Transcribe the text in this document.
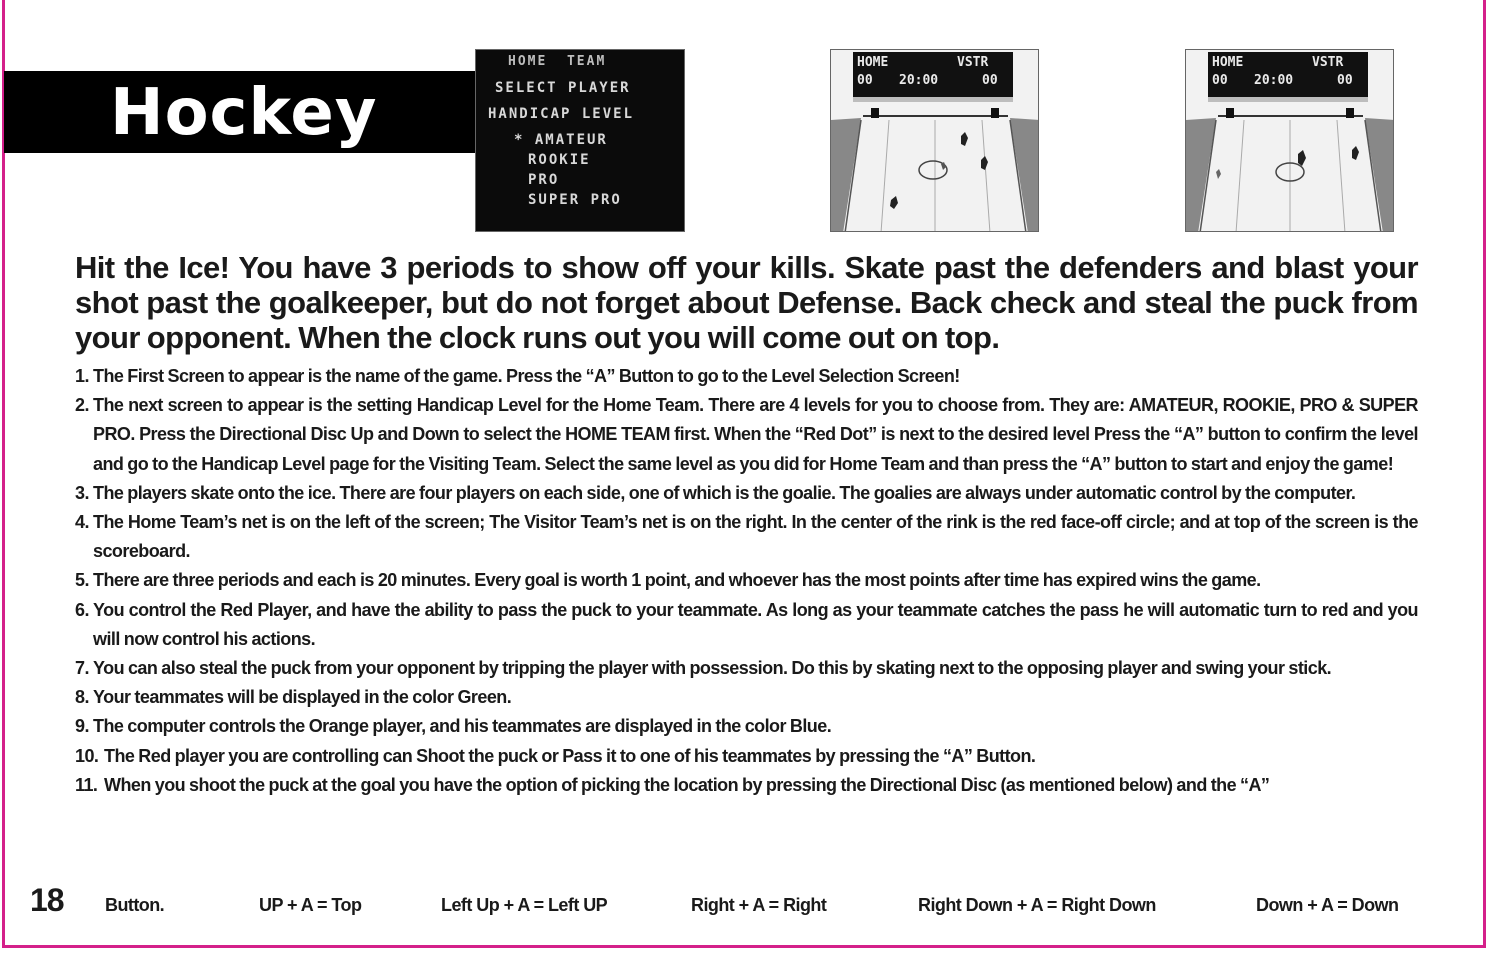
Hockey
HOME  TEAM
SELECT PLAYER
HANDICAP LEVEL
* AMATEUR
ROOKIE
PRO
SUPER PRO
HOME	VSTR
00 20:00	00
HOME	VSTR
00 20:00	00
Hit the Ice! You have 3 periods to show off your kills. Skate past the defenders and blast your shot past the goalkeeper, but do not forget about Defense. Back check and steal the puck from your opponent. When the clock runs out you will come out on top.
1. The First Screen to appear is the name of the game. Press the “A” Button to go to the Level Selection Screen!
2. The next screen to appear is the setting Handicap Level for the Home Team. There are 4 levels for you to choose from. They are: AMATEUR, ROOKIE, PRO & SUPER PRO. Press the Directional Disc Up and Down to select the HOME TEAM first. When the “Red Dot” is next to the desired level Press the “A” button to confirm the level and go to the Handicap Level page for the Visiting Team. Select the same level as you did for Home Team and than press the “A” button to start and enjoy the game!
3. The players skate onto the ice. There are four players on each side, one of which is the goalie. The goalies are always under automatic control by the computer.
4. The Home Team’s net is on the left of the screen; The Visitor Team’s net is on the right. In the center of the rink is the red face-off circle; and at top of the screen is the scoreboard.
5. There are three periods and each is 20 minutes. Every goal is worth 1 point, and whoever has the most points after time has expired wins the game.
6. You control the Red Player, and have the ability to pass the puck to your teammate. As long as your teammate catches the pass he will automatic turn to red and you will now control his actions.
7. You can also steal the puck from your opponent by tripping the player with possession. Do this by skating next to the opposing player and swing your stick.
8. Your teammates will be displayed in the color Green.
9. The computer controls the Orange player, and his teammates are displayed in the color Blue.
10. The Red player you are controlling can Shoot the puck or Pass it to one of his teammates by pressing the “A” Button.
11. When you shoot the puck at the goal you have the option of picking the location by pressing the Directional Disc (as mentioned below) and the “A”
Button.	UP + A = Top	Left Up + A = Left UP	Right + A = Right	Right Down + A = Right Down	Down + A = Down
18
